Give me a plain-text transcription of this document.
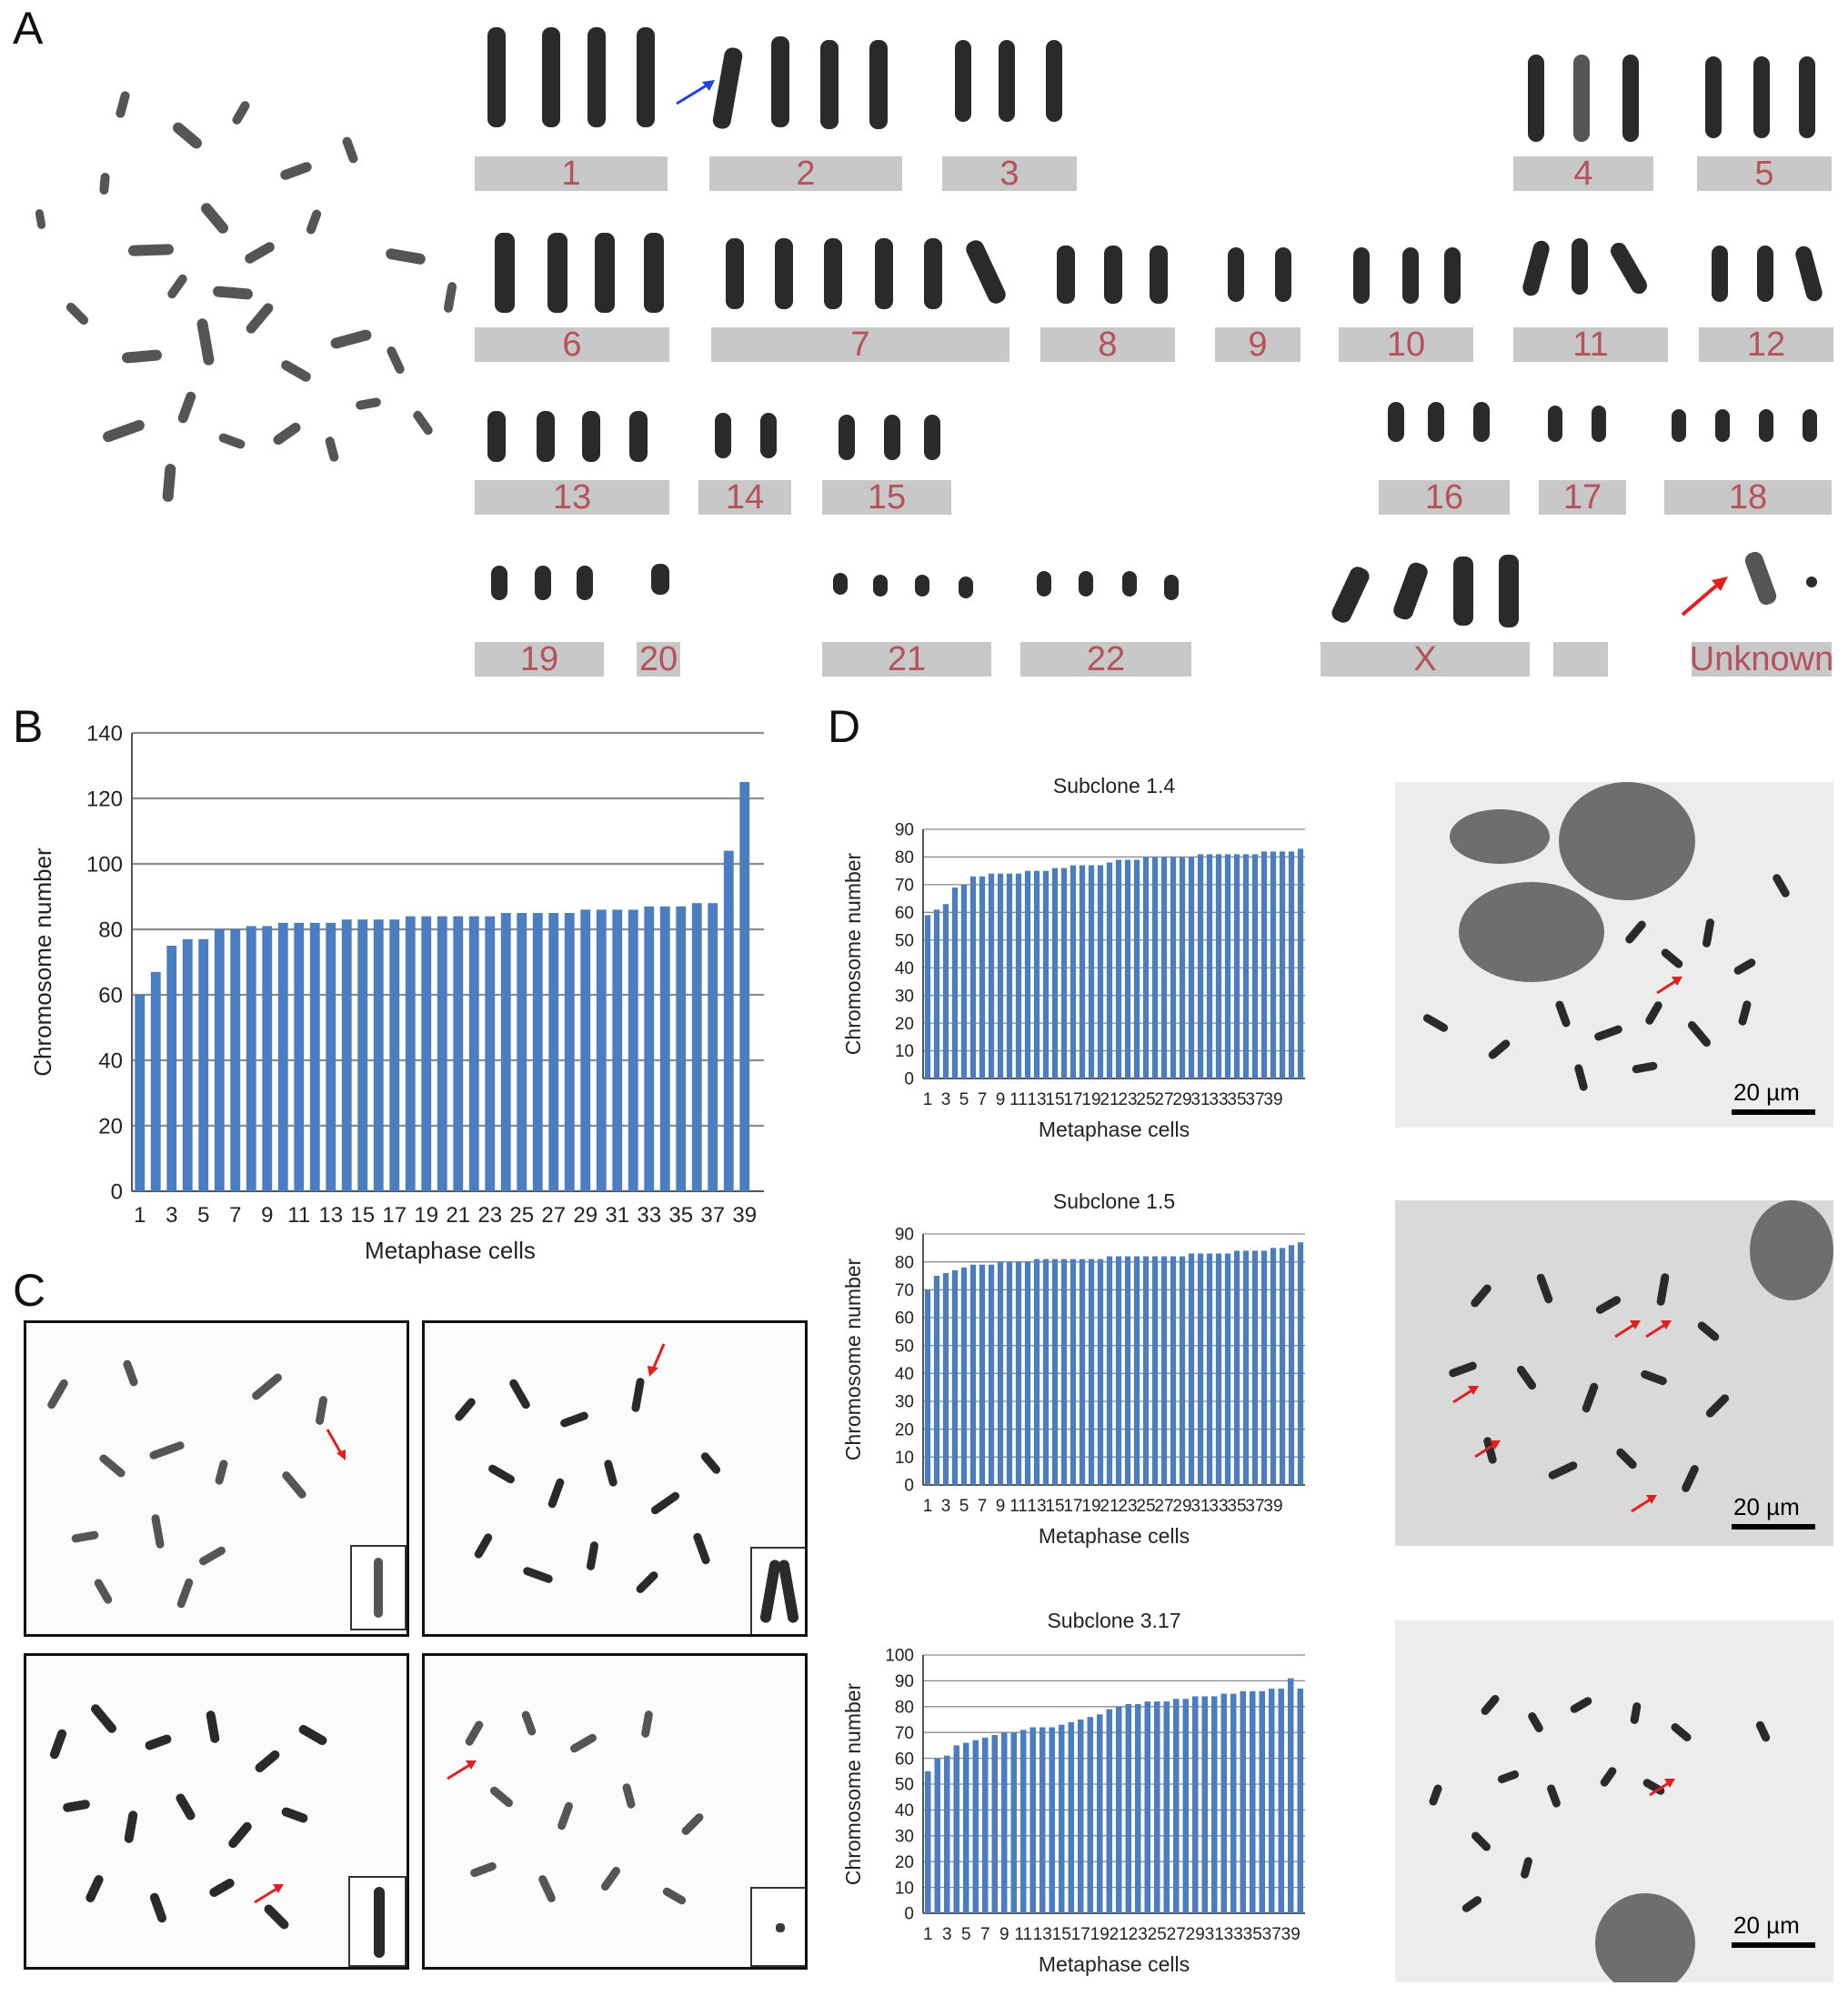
A
1	2	3	4	5
6	7	8	9	10	11	12
13	14	15	16	17	18
19	20	21	22	X	Unknown
B
0
20
40
60
80
100
120
140
1 3 5 7 9 11 13 15 17 19 21 23 25 27 29 31 33 35 37 39
Metaphase cells
Chromosome number
C
D
0
10
20
30
40
50
60
70
80
90
1 3 5 7 9 11 13
15
17
19
21
23
25
27
29
31
33
35
37
39
Metaphase cells
Chromosome number
Subclone 1.4
0
10
20
30
40
50
60
70
80
90
1 3 5 7 9 11 13
15
17
19
21
23
25
27
29
31
33
35
37
39
Metaphase cells
Chromosome number
Subclone 1.5
0
10
20
30
40
50
60
70
80
90
100
1 3 5 7 9 11 13 15 17 19 21 23 25 27 29 31 33 35 37 39
Metaphase cells
Chromosome number
Subclone 3.17
20 µm
20 µm
20 µm
